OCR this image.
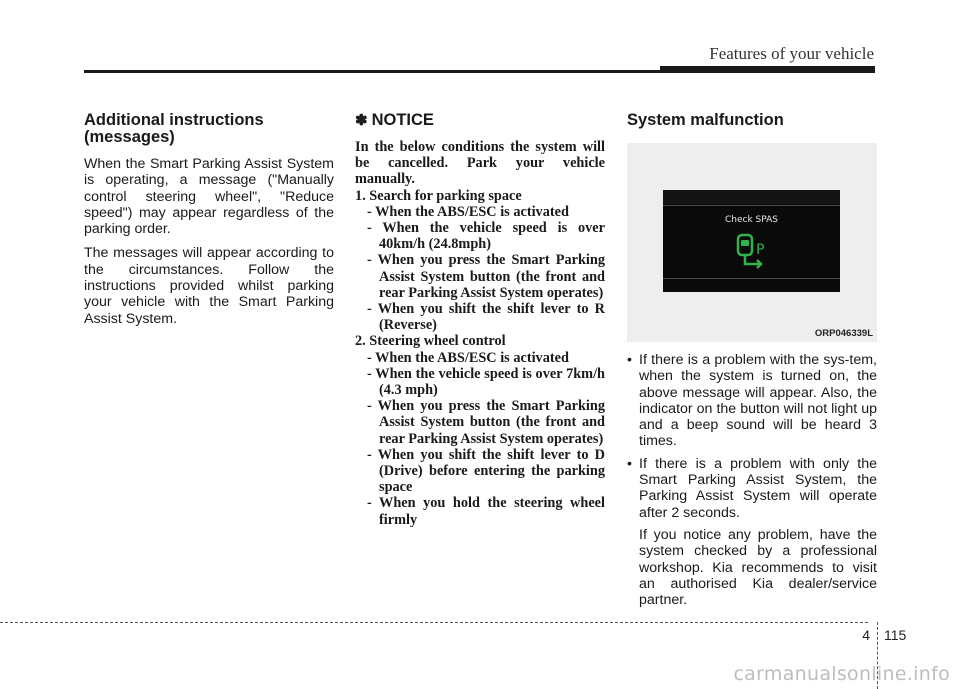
Features of your vehicle
Additional instructions (messages)

When the Smart Parking Assist System is operating, a message ("Manually control steering wheel", "Reduce speed") may appear regardless of the parking order.

The messages will appear according to the circumstances. Follow the instructions provided whilst parking your vehicle with the Smart Parking Assist System.

✽ NOTICE

In the below conditions the system will be cancelled. Park your vehicle manually.

1. Search for parking space

- When the ABS/ESC is activated

- When the vehicle speed is over 40km/h (24.8mph)

- When you press the Smart Parking Assist System button (the front and rear Parking Assist System operates)

- When you shift the shift lever to R (Reverse)

2. Steering wheel control

- When the ABS/ESC is activated

- When the vehicle speed is over 7km/h (4.3 mph)

- When you press the Smart Parking Assist System button (the front and rear Parking Assist System operates)

- When you shift the shift lever to D (Drive) before entering the parking space

- When you hold the steering wheel firmly

System malfunction
Check SPAS
P
ORP046339L
• If there is a problem with the sys-tem, when the system is turned on, the above message will appear. Also, the indicator on the button will not light up and a beep sound will be heard 3 times.
• If there is a problem with only the Smart Parking Assist System, the Parking Assist System will operate after 2 seconds.

If you notice any problem, have the system checked by a professional workshop. Kia recommends to visit an authorised Kia dealer/service partner.

4 115
carmanualsonline.info
